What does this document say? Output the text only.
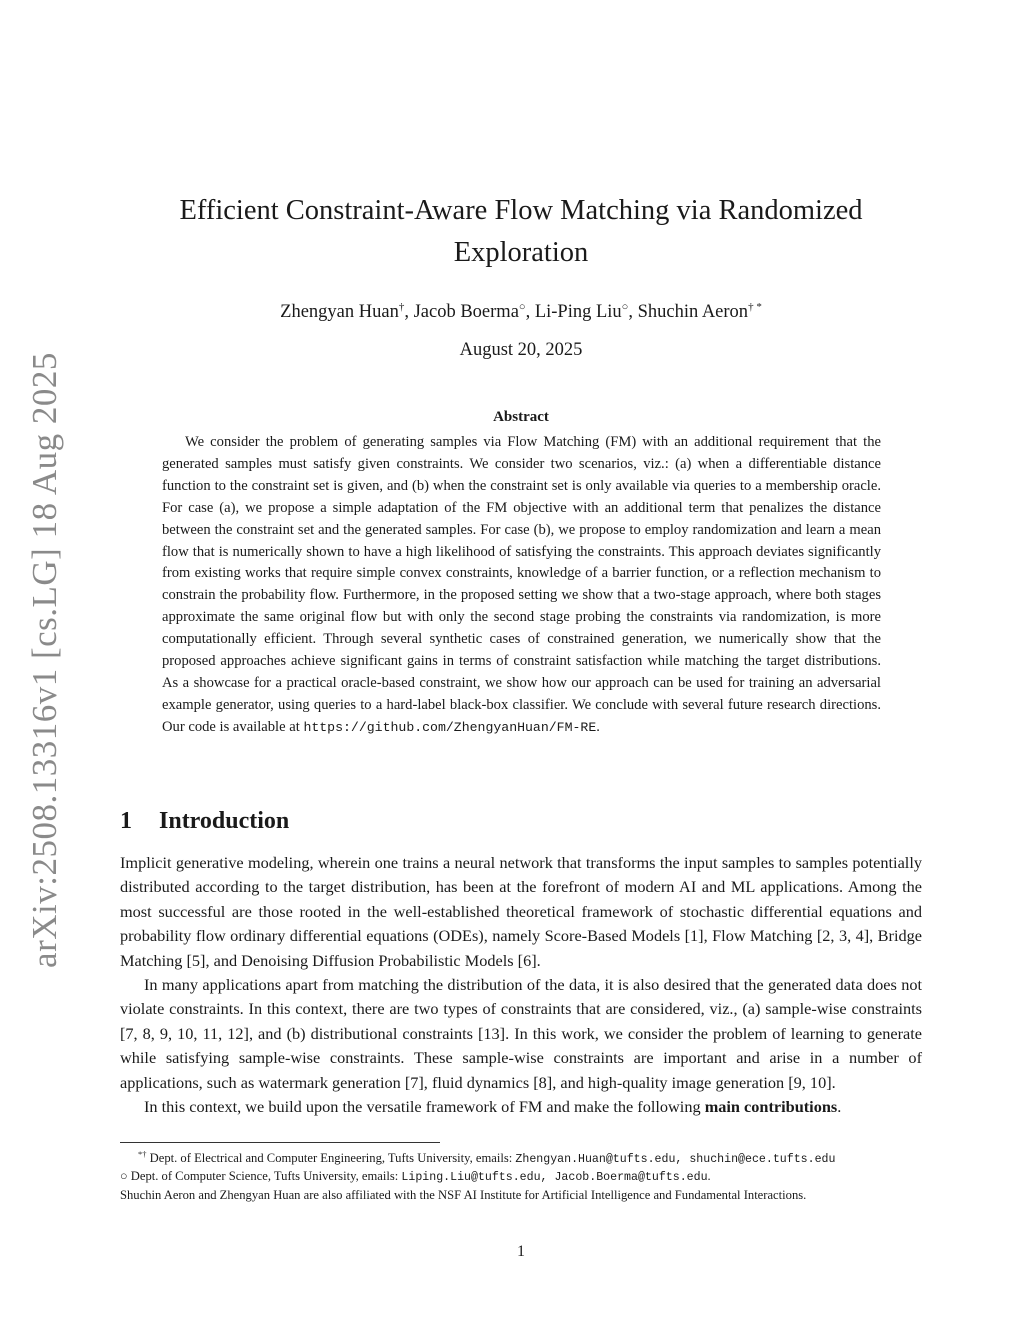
arXiv:2508.13316v1 [cs.LG] 18 Aug 2025
Efficient Constraint-Aware Flow Matching via Randomized Exploration
Zhengyan Huan†, Jacob Boerma○, Li-Ping Liu○, Shuchin Aeron† *
August 20, 2025
Abstract
We consider the problem of generating samples via Flow Matching (FM) with an additional requirement that the generated samples must satisfy given constraints. We consider two scenarios, viz.: (a) when a differentiable distance function to the constraint set is given, and (b) when the constraint set is only available via queries to a membership oracle. For case (a), we propose a simple adaptation of the FM objective with an additional term that penalizes the distance between the constraint set and the generated samples. For case (b), we propose to employ randomization and learn a mean flow that is numerically shown to have a high likelihood of satisfying the constraints. This approach deviates significantly from existing works that require simple convex constraints, knowledge of a barrier function, or a reflection mechanism to constrain the probability flow. Furthermore, in the proposed setting we show that a two-stage approach, where both stages approximate the same original flow but with only the second stage probing the constraints via randomization, is more computationally efficient. Through several synthetic cases of constrained generation, we numerically show that the proposed approaches achieve significant gains in terms of constraint satisfaction while matching the target distributions. As a showcase for a practical oracle-based constraint, we show how our approach can be used for training an adversarial example generator, using queries to a hard-label black-box classifier. We conclude with several future research directions. Our code is available at https://github.com/ZhengyanHuan/FM-RE.
1 Introduction

Implicit generative modeling, wherein one trains a neural network that transforms the input samples to samples potentially distributed according to the target distribution, has been at the forefront of modern AI and ML applications. Among the most successful are those rooted in the well-established theoretical framework of stochastic differential equations and probability flow ordinary differential equations (ODEs), namely Score-Based Models [1], Flow Matching [2, 3, 4], Bridge Matching [5], and Denoising Diffusion Probabilistic Models [6].

In many applications apart from matching the distribution of the data, it is also desired that the generated data does not violate constraints. In this context, there are two types of constraints that are considered, viz., (a) sample-wise constraints [7, 8, 9, 10, 11, 12], and (b) distributional constraints [13]. In this work, we consider the problem of learning to generate while satisfying sample-wise constraints. These sample-wise constraints are important and arise in a number of applications, such as watermark generation [7], fluid dynamics [8], and high-quality image generation [9, 10].

In this context, we build upon the versatile framework of FM and make the following main contributions.

*† Dept. of Electrical and Computer Engineering, Tufts University, emails: Zhengyan.Huan@tufts.edu, shuchin@ece.tufts.edu

○ Dept. of Computer Science, Tufts University, emails: Liping.Liu@tufts.edu, Jacob.Boerma@tufts.edu.

Shuchin Aeron and Zhengyan Huan are also affiliated with the NSF AI Institute for Artificial Intelligence and Fundamental Interactions.

1
